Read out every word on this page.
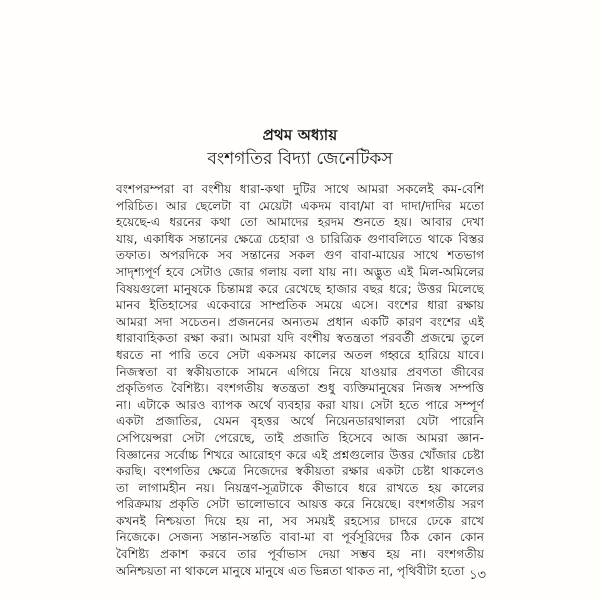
প্রথম অধ্যায়
বংশগতির বিদ্যা জেনেটিকস
বংশপরম্পরা বা বংশীয় ধারা-কথা দুটির সাথে আমরা সকলেই কম-বেশি
পরিচিত। আর ছেলেটা বা মেয়েটা একদম বাবা/মা বা দাদা/দাদির মতো
হয়েছে-এ ধরনের কথা তো আমাদের হরদম শুনতে হয়। আবার দেখা
যায়, একাধিক সন্তানের ক্ষেত্রে চেহারা ও চারিত্রিক গুণাবলিতে থাকে বিস্তর
তফাত। অপরদিকে সব সন্তানের সকল গুণ বাবা-মায়ের সাথে শতভাগ
সাদৃশ্যপূর্ণ হবে সেটাও জোর গলায় বলা যায় না। অদ্ভুত এই মিল-অমিলের
বিষয়গুলো মানুষকে চিন্তামগ্ন করে রেখেছে হাজার বছর ধরে; উত্তর মিলেছে
মানব ইতিহাসের একেবারে সাম্প্রতিক সময়ে এসে। বংশের ধারা রক্ষায়
আমরা সদা সচেতন। প্রজননের অন্যতম প্রধান একটি কারণ বংশের এই
ধারাবাহিকতা রক্ষা করা। আমরা যদি বংশীয় স্বতন্ত্রতা পরবর্তী প্রজন্মে তুলে
ধরতে না পারি তবে সেটা একসময় কালের অতল গহ্বরে হারিয়ে যাবে।
নিজস্বতা বা স্বকীয়তাকে সামনে এগিয়ে নিয়ে যাওয়ার প্রবণতা জীবের
প্রকৃতিগত বৈশিষ্ট্য। বংশগতীয় স্বতন্ত্রতা শুধু ব্যক্তিমানুষের নিজস্ব সম্পত্তি
না। এটাকে আরও ব্যাপক অর্থে ব্যবহার করা যায়। সেটা হতে পারে সম্পূর্ণ
একটা প্রজাতির, যেমন বৃহত্তর অর্থে নিয়েনডারথালরা যেটা পারেনি
সেপিয়েন্সরা সেটা পেরেছে, তাই প্রজাতি হিসেবে আজ আমরা জ্ঞান-
বিজ্ঞানের সর্বোচ্চ শিখরে আরোহণ করে এই প্রশ্নগুলোর উত্তর খোঁজার চেষ্টা
করছি। বংশগতির ক্ষেত্রে নিজেদের স্বকীয়তা রক্ষার একটা চেষ্টা থাকলেও
তা লাগামহীন নয়। নিয়ন্ত্রণ-সূত্রটাকে কীভাবে ধরে রাখতে হয় কালের
পরিক্রমায় প্রকৃতি সেটা ভালোভাবে আয়ত্ত করে নিয়েছে। বংশগতীয় সরণ
কখনই নিশ্চয়তা দিয়ে হয় না, সব সময়ই রহস্যের চাদরে ঢেকে রাখে
নিজেকে। সেজন্য সন্তান-সন্ততি বাবা-মা বা পূর্বসূরিদের ঠিক কোন কোন
বৈশিষ্ট্য প্রকাশ করবে তার পূর্বাভাস দেয়া সম্ভব হয় না। বংশগতীয়
অনিশ্চয়তা না থাকলে মানুষে মানুষে এত ভিন্নতা থাকত না, পৃথিবীটা হতো ১৩
